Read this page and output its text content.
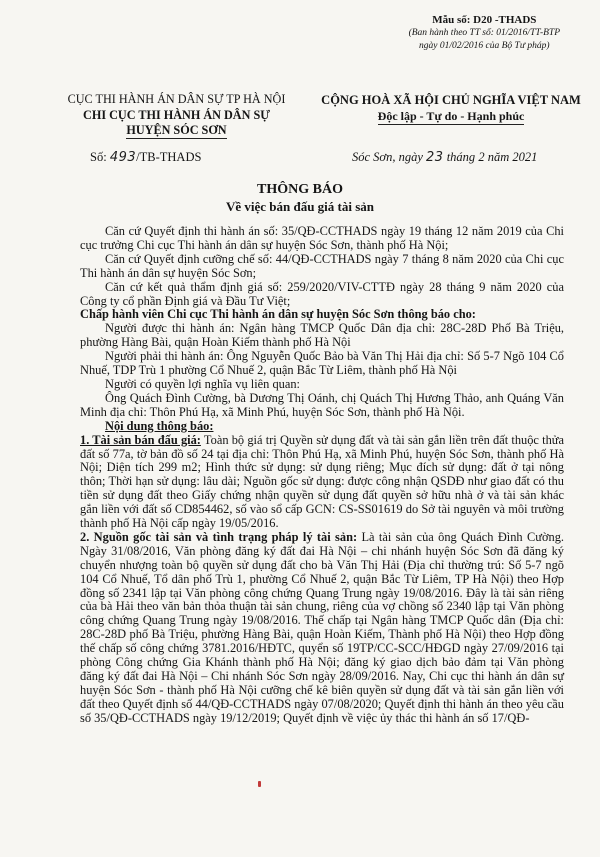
Mẫu số: D20 -THADS
(Ban hành theo TT số: 01/2016/TT-BTP
ngày 01/02/2016 của Bộ Tư pháp)
CỤC THI HÀNH ÁN DÂN SỰ TP HÀ NỘI
CHI CỤC THI HÀNH ÁN DÂN SỰ
HUYỆN SÓC SƠN
CỘNG HOÀ XÃ HỘI CHỦ NGHĨA VIỆT NAM
Độc lập - Tự do - Hạnh phúc
Số: 493/TB-THADS	Sóc Sơn, ngày 23 tháng 2 năm 2021
THÔNG BÁO
Về việc bán đấu giá tài sản

Căn cứ Quyết định thi hành án số: 35/QĐ-CCTHADS ngày 19 tháng 12 năm 2019 của Chi cục trưởng Chi cục Thi hành án dân sự huyện Sóc Sơn, thành phố Hà Nội;

Căn cứ Quyết định cưỡng chế số: 44/QĐ-CCTHADS ngày 7 tháng 8 năm 2020 của Chi cục Thi hành án dân sự huyện Sóc Sơn;

Căn cứ kết quả thẩm định giá số: 259/2020/VIV-CTTĐ ngày 28 tháng 9 năm 2020 của Công ty cổ phần Định giá và Đầu Tư Việt;

Chấp hành viên Chi cục Thi hành án dân sự huyện Sóc Sơn thông báo cho:

Người được thi hành án: Ngân hàng TMCP Quốc Dân địa chỉ: 28C-28D Phố Bà Triệu, phường Hàng Bài, quận Hoàn Kiếm thành phố Hà Nội

Người phải thi hành án: Ông Nguyễn Quốc Bảo bà Văn Thị Hải địa chỉ: Số 5-7 Ngõ 104 Cổ Nhuế, TDP Trù 1 phường Cổ Nhuế 2, quận Bắc Từ Liêm, thành phố Hà Nội

Người có quyền lợi nghĩa vụ liên quan:

Ông Quách Đình Cường, bà Dương Thị Oánh, chị Quách Thị Hương Thảo, anh Quáng Văn Minh địa chỉ: Thôn Phú Hạ, xã Minh Phú, huyện Sóc Sơn, thành phố Hà Nội.

Nội dung thông báo:

1. Tài sản bán đấu giá: Toàn bộ giá trị Quyền sử dụng đất và tài sản gắn liền trên đất thuộc thửa đất số 77a, tờ bản đồ số 24 tại địa chỉ: Thôn Phú Hạ, xã Minh Phú, huyện Sóc Sơn, thành phố Hà Nội; Diện tích 299 m2; Hình thức sử dụng: sử dụng riêng; Mục đích sử dụng: đất ở tại nông thôn; Thời hạn sử dụng: lâu dài; Nguồn gốc sử dụng: được công nhận QSDĐ như giao đất có thu tiền sử dụng đất theo Giấy chứng nhận quyền sử dụng đất quyền sở hữu nhà ở và tài sản khác gắn liền với đất số CD854462, số vào sổ cấp GCN: CS-SS01619 do Sở tài nguyên và môi trường thành phố Hà Nội cấp ngày 19/05/2016.

2. Nguồn gốc tài sản và tình trạng pháp lý tài sản: Là tài sản của ông Quách Đình Cường. Ngày 31/08/2016, Văn phòng đăng ký đất đai Hà Nội – chi nhánh huyện Sóc Sơn đã đăng ký chuyển nhượng toàn bộ quyền sử dụng đất cho bà Văn Thị Hải (Địa chỉ thường trú: Số 5-7 ngõ 104 Cổ Nhuế, Tổ dân phố Trù 1, phường Cổ Nhuế 2, quận Bắc Từ Liêm, TP Hà Nội) theo Hợp đồng số 2341 lập tại Văn phòng công chứng Quang Trung ngày 19/08/2016. Đây là tài sản riêng của bà Hải theo văn bản thỏa thuận tài sản chung, riêng của vợ chồng số 2340 lập tại Văn phòng công chứng Quang Trung ngày 19/08/2016. Thế chấp tại Ngân hàng TMCP Quốc dân (Địa chỉ: 28C-28D phố Bà Triệu, phường Hàng Bài, quận Hoàn Kiếm, Thành phố Hà Nội) theo Hợp đồng thế chấp số công chứng 3781.2016/HĐTC, quyển số 19TP/CC-SCC/HĐGD ngày 27/09/2016 tại phòng Công chứng Gia Khánh thành phố Hà Nội; đăng ký giao dịch bảo đảm tại Văn phòng đăng ký đất đai Hà Nội – Chi nhánh Sóc Sơn ngày 28/09/2016. Nay, Chi cục thi hành án dân sự huyện Sóc Sơn - thành phố Hà Nội cưỡng chế kê biên quyền sử dụng đất và tài sản gắn liền với đất theo Quyết định số 44/QĐ-CCTHADS ngày 07/08/2020; Quyết định thi hành án theo yêu cầu số 35/QĐ-CCTHADS ngày 19/12/2019; Quyết định về việc ủy thác thi hành án số 17/QĐ-
